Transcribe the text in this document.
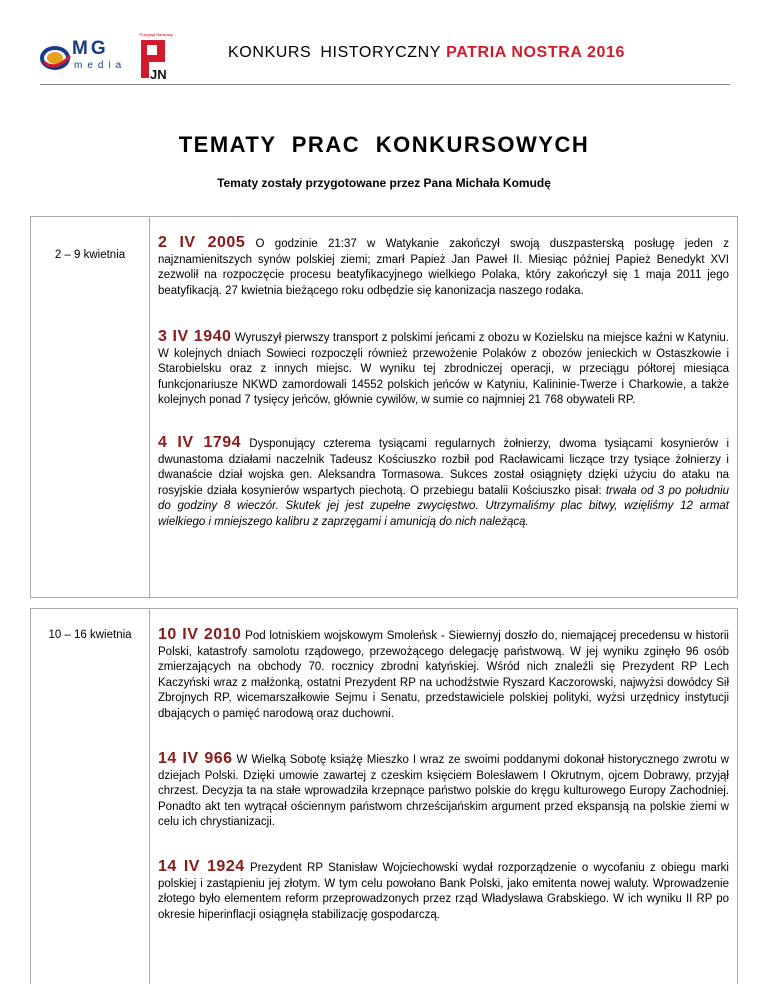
MG
media
Przegląd Naukowy
JN
KONKURS HISTORYCZNY PATRIA NOSTRA 2016
TEMATY PRAC KONKURSOWYCH
Tematy zostały przygotowane przez Pana Michała Komudę
2 – 9 kwietnia
2 IV 2005 O godzinie 21:37 w Watykanie zakończył swoją duszpasterską posługę jeden z najznamienitszych synów polskiej ziemi; zmarł Papież Jan Paweł II. Miesiąc później Papież Benedykt XVI zezwolił na rozpoczęcie procesu beatyfikacyjnego wielkiego Polaka, który zakończył się 1 maja 2011 jego beatyfikacją. 27 kwietnia bieżącego roku odbędzie się kanonizacja naszego rodaka.
3 IV 1940 Wyruszył pierwszy transport z polskimi jeńcami z obozu w Kozielsku na miejsce kaźni w Katyniu. W kolejnych dniach Sowieci rozpoczęli również przewożenie Polaków z obozów jenieckich w Ostaszkowie i Starobielsku oraz z innych miejsc. W wyniku tej zbrodniczej operacji, w przeciągu półtorej miesiąca funkcjonariusze NKWD zamordowali 14552 polskich jeńców w Katyniu, Kalininie-Twerze i Charkowie, a także kolejnych ponad 7 tysięcy jeńców, głównie cywilów, w sumie co najmniej 21 768 obywateli RP.
4 IV 1794 Dysponujący czterema tysiącami regularnych żołnierzy, dwoma tysiącami kosynierów i dwunastoma działami naczelnik Tadeusz Kościuszko rozbił pod Racławicami liczące trzy tysiące żołnierzy i dwanaście dział wojska gen. Aleksandra Tormasowa. Sukces został osiągnięty dzięki użyciu do ataku na rosyjskie działa kosynierów wspartych piechotą. O przebiegu batalii Kościuszko pisał: trwała od 3 po południu do godziny 8 wieczór. Skutek jej jest zupełne zwycięstwo. Utrzymaliśmy plac bitwy, wzięliśmy 12 armat wielkiego i mniejszego kalibru z zaprzęgami i amunicją do nich należącą.
10 – 16 kwietnia	10 IV 2010 Pod lotniskiem wojskowym Smoleńsk - Siewiernyj doszło do, niemającej precedensu w historii Polski, katastrofy samolotu rządowego, przewożącego delegację państwową. W jej wyniku zginęło 96 osób zmierzających na obchody 70. rocznicy zbrodni katyńskiej. Wśród nich znaleźli się Prezydent RP Lech Kaczyński wraz z małżonką, ostatni Prezydent RP na uchodźstwie Ryszard Kaczorowski, najwyżsi dowódcy Sił Zbrojnych RP, wicemarszałkowie Sejmu i Senatu, przedstawiciele polskiej polityki, wyżsi urzędnicy instytucji dbających o pamięć narodową oraz duchowni.
14 IV 966 W Wielką Sobotę książę Mieszko I wraz ze swoimi poddanymi dokonał historycznego zwrotu w dziejach Polski. Dzięki umowie zawartej z czeskim księciem Bolesławem I Okrutnym, ojcem Dobrawy, przyjął chrzest. Decyzja ta na stałe wprowadziła krzepnące państwo polskie do kręgu kulturowego Europy Zachodniej. Ponadto akt ten wytrącał ościennym państwom chrześcijańskim argument przed ekspansją na polskie ziemi w celu ich chrystianizacji.
14 IV 1924 Prezydent RP Stanisław Wojciechowski wydał rozporządzenie o wycofaniu z obiegu marki polskiej i zastąpieniu jej złotym. W tym celu powołano Bank Polski, jako emitenta nowej waluty. Wprowadzenie złotego było elementem reform przeprowadzonych przez rząd Władysława Grabskiego. W ich wyniku II RP po okresie hiperinflacji osiągnęła stabilizację gospodarczą.
